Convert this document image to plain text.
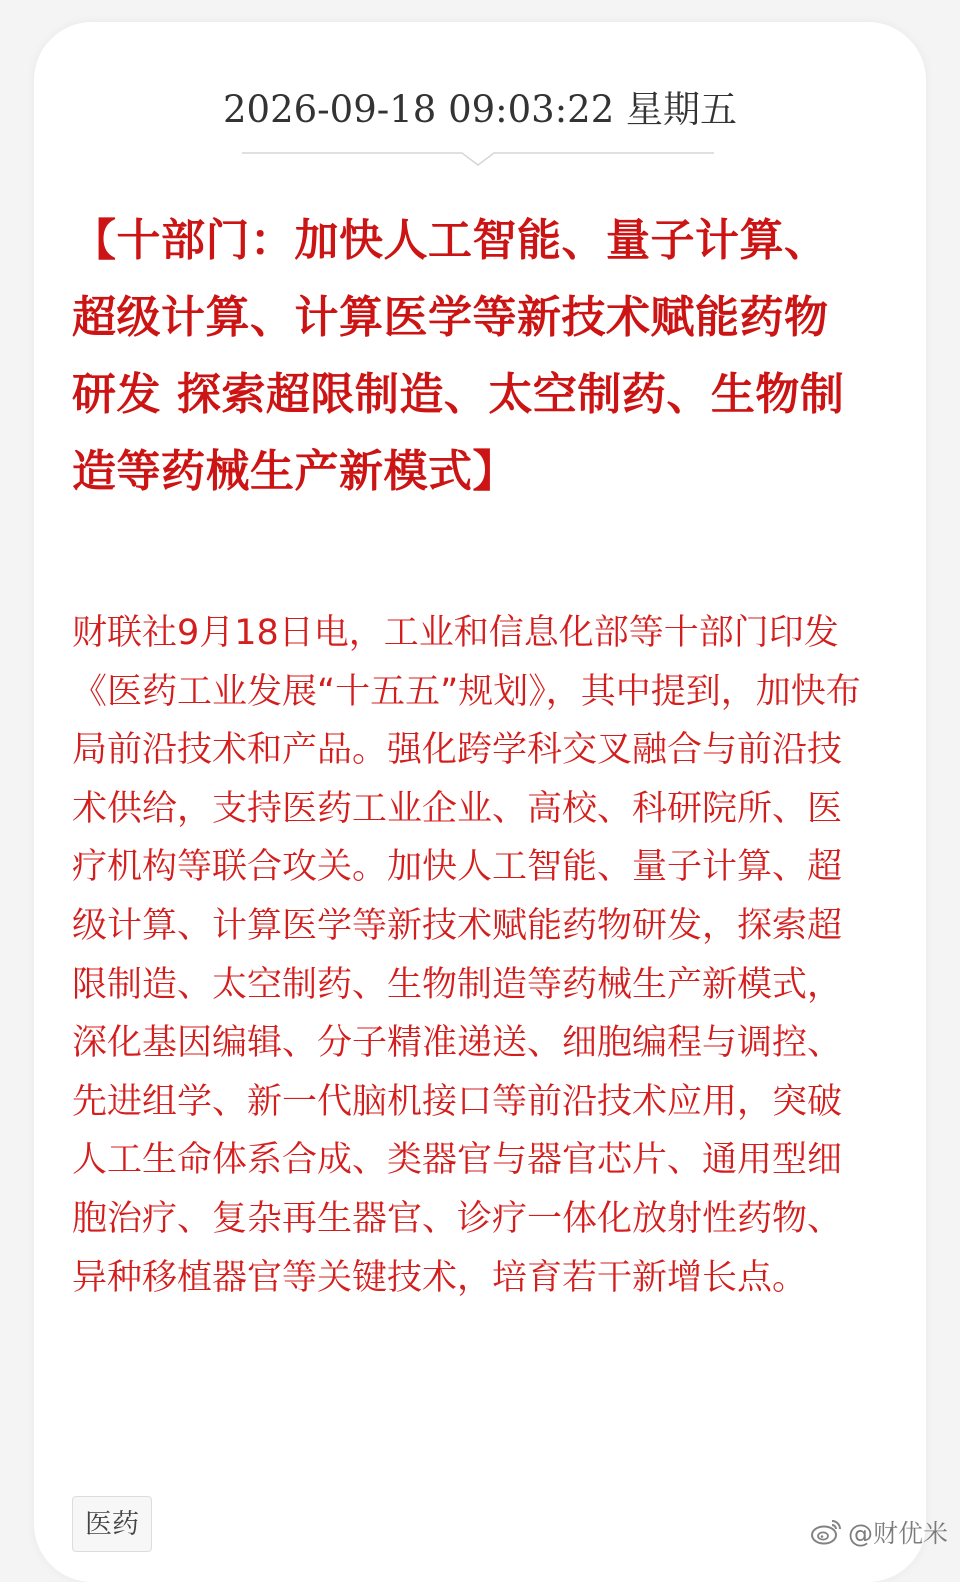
2026-09-18 09:03:22 星期五
【十部门：加快人工智能、量子计算、超级计算、计算医学等新技术赋能药物研发 探索超限制造、太空制药、生物制造等药械生产新模式】

财联社9月18日电，工业和信息化部等十部门印发《医药工业发展“十五五”规划》，其中提到，加快布局前沿技术和产品。强化跨学科交叉融合与前沿技术供给，支持医药工业企业、高校、科研院所、医疗机构等联合攻关。加快人工智能、量子计算、超级计算、计算医学等新技术赋能药物研发，探索超限制造、太空制药、生物制造等药械生产新模式，深化基因编辑、分子精准递送、细胞编程与调控、先进组学、新一代脑机接口等前沿技术应用，突破人工生命体系合成、类器官与器官芯片、通用型细胞治疗、复杂再生器官、诊疗一体化放射性药物、异种移植器官等关键技术，培育若干新增长点。

医药	@财优米
